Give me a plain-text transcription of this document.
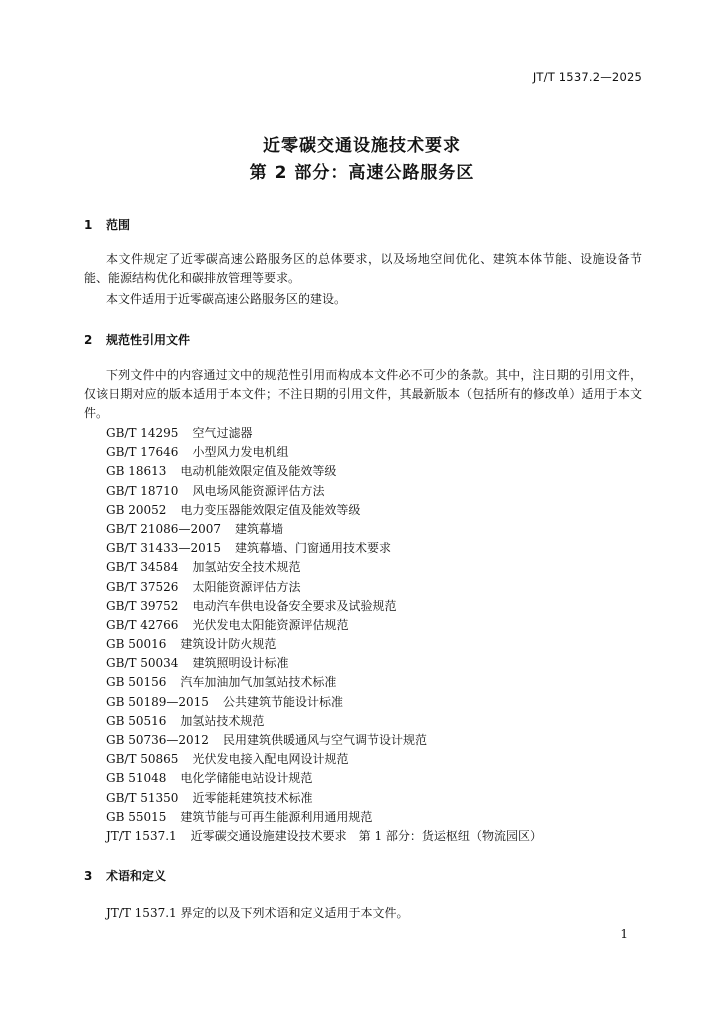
JT/T 1537.2—2025
近零碳交通设施技术要求
第 2 部分：高速公路服务区
1 范围

本文件规定了近零碳高速公路服务区的总体要求，以及场地空间优化、建筑本体节能、设施设备节能、能源结构优化和碳排放管理等要求。

本文件适用于近零碳高速公路服务区的建设。

2 规范性引用文件

下列文件中的内容通过文中的规范性引用而构成本文件必不可少的条款。其中，注日期的引用文件，仅该日期对应的版本适用于本文件；不注日期的引用文件，其最新版本（包括所有的修改单）适用于本文件。

GB/T 14295 空气过滤器
GB/T 17646 小型风力发电机组
GB 18613 电动机能效限定值及能效等级
GB/T 18710 风电场风能资源评估方法
GB 20052 电力变压器能效限定值及能效等级
GB/T 21086—2007 建筑幕墙
GB/T 31433—2015 建筑幕墙、门窗通用技术要求
GB/T 34584 加氢站安全技术规范
GB/T 37526 太阳能资源评估方法
GB/T 39752 电动汽车供电设备安全要求及试验规范
GB/T 42766 光伏发电太阳能资源评估规范
GB 50016 建筑设计防火规范
GB/T 50034 建筑照明设计标准
GB 50156 汽车加油加气加氢站技术标准
GB 50189—2015 公共建筑节能设计标准
GB 50516 加氢站技术规范
GB 50736—2012 民用建筑供暖通风与空气调节设计规范
GB/T 50865 光伏发电接入配电网设计规范
GB 51048 电化学储能电站设计规范
GB/T 51350 近零能耗建筑技术标准
GB 55015 建筑节能与可再生能源利用通用规范
JT/T 1537.1 近零碳交通设施建设技术要求　第 1 部分：货运枢纽（物流园区）
3 术语和定义

JT/T 1537.1 界定的以及下列术语和定义适用于本文件。

1
